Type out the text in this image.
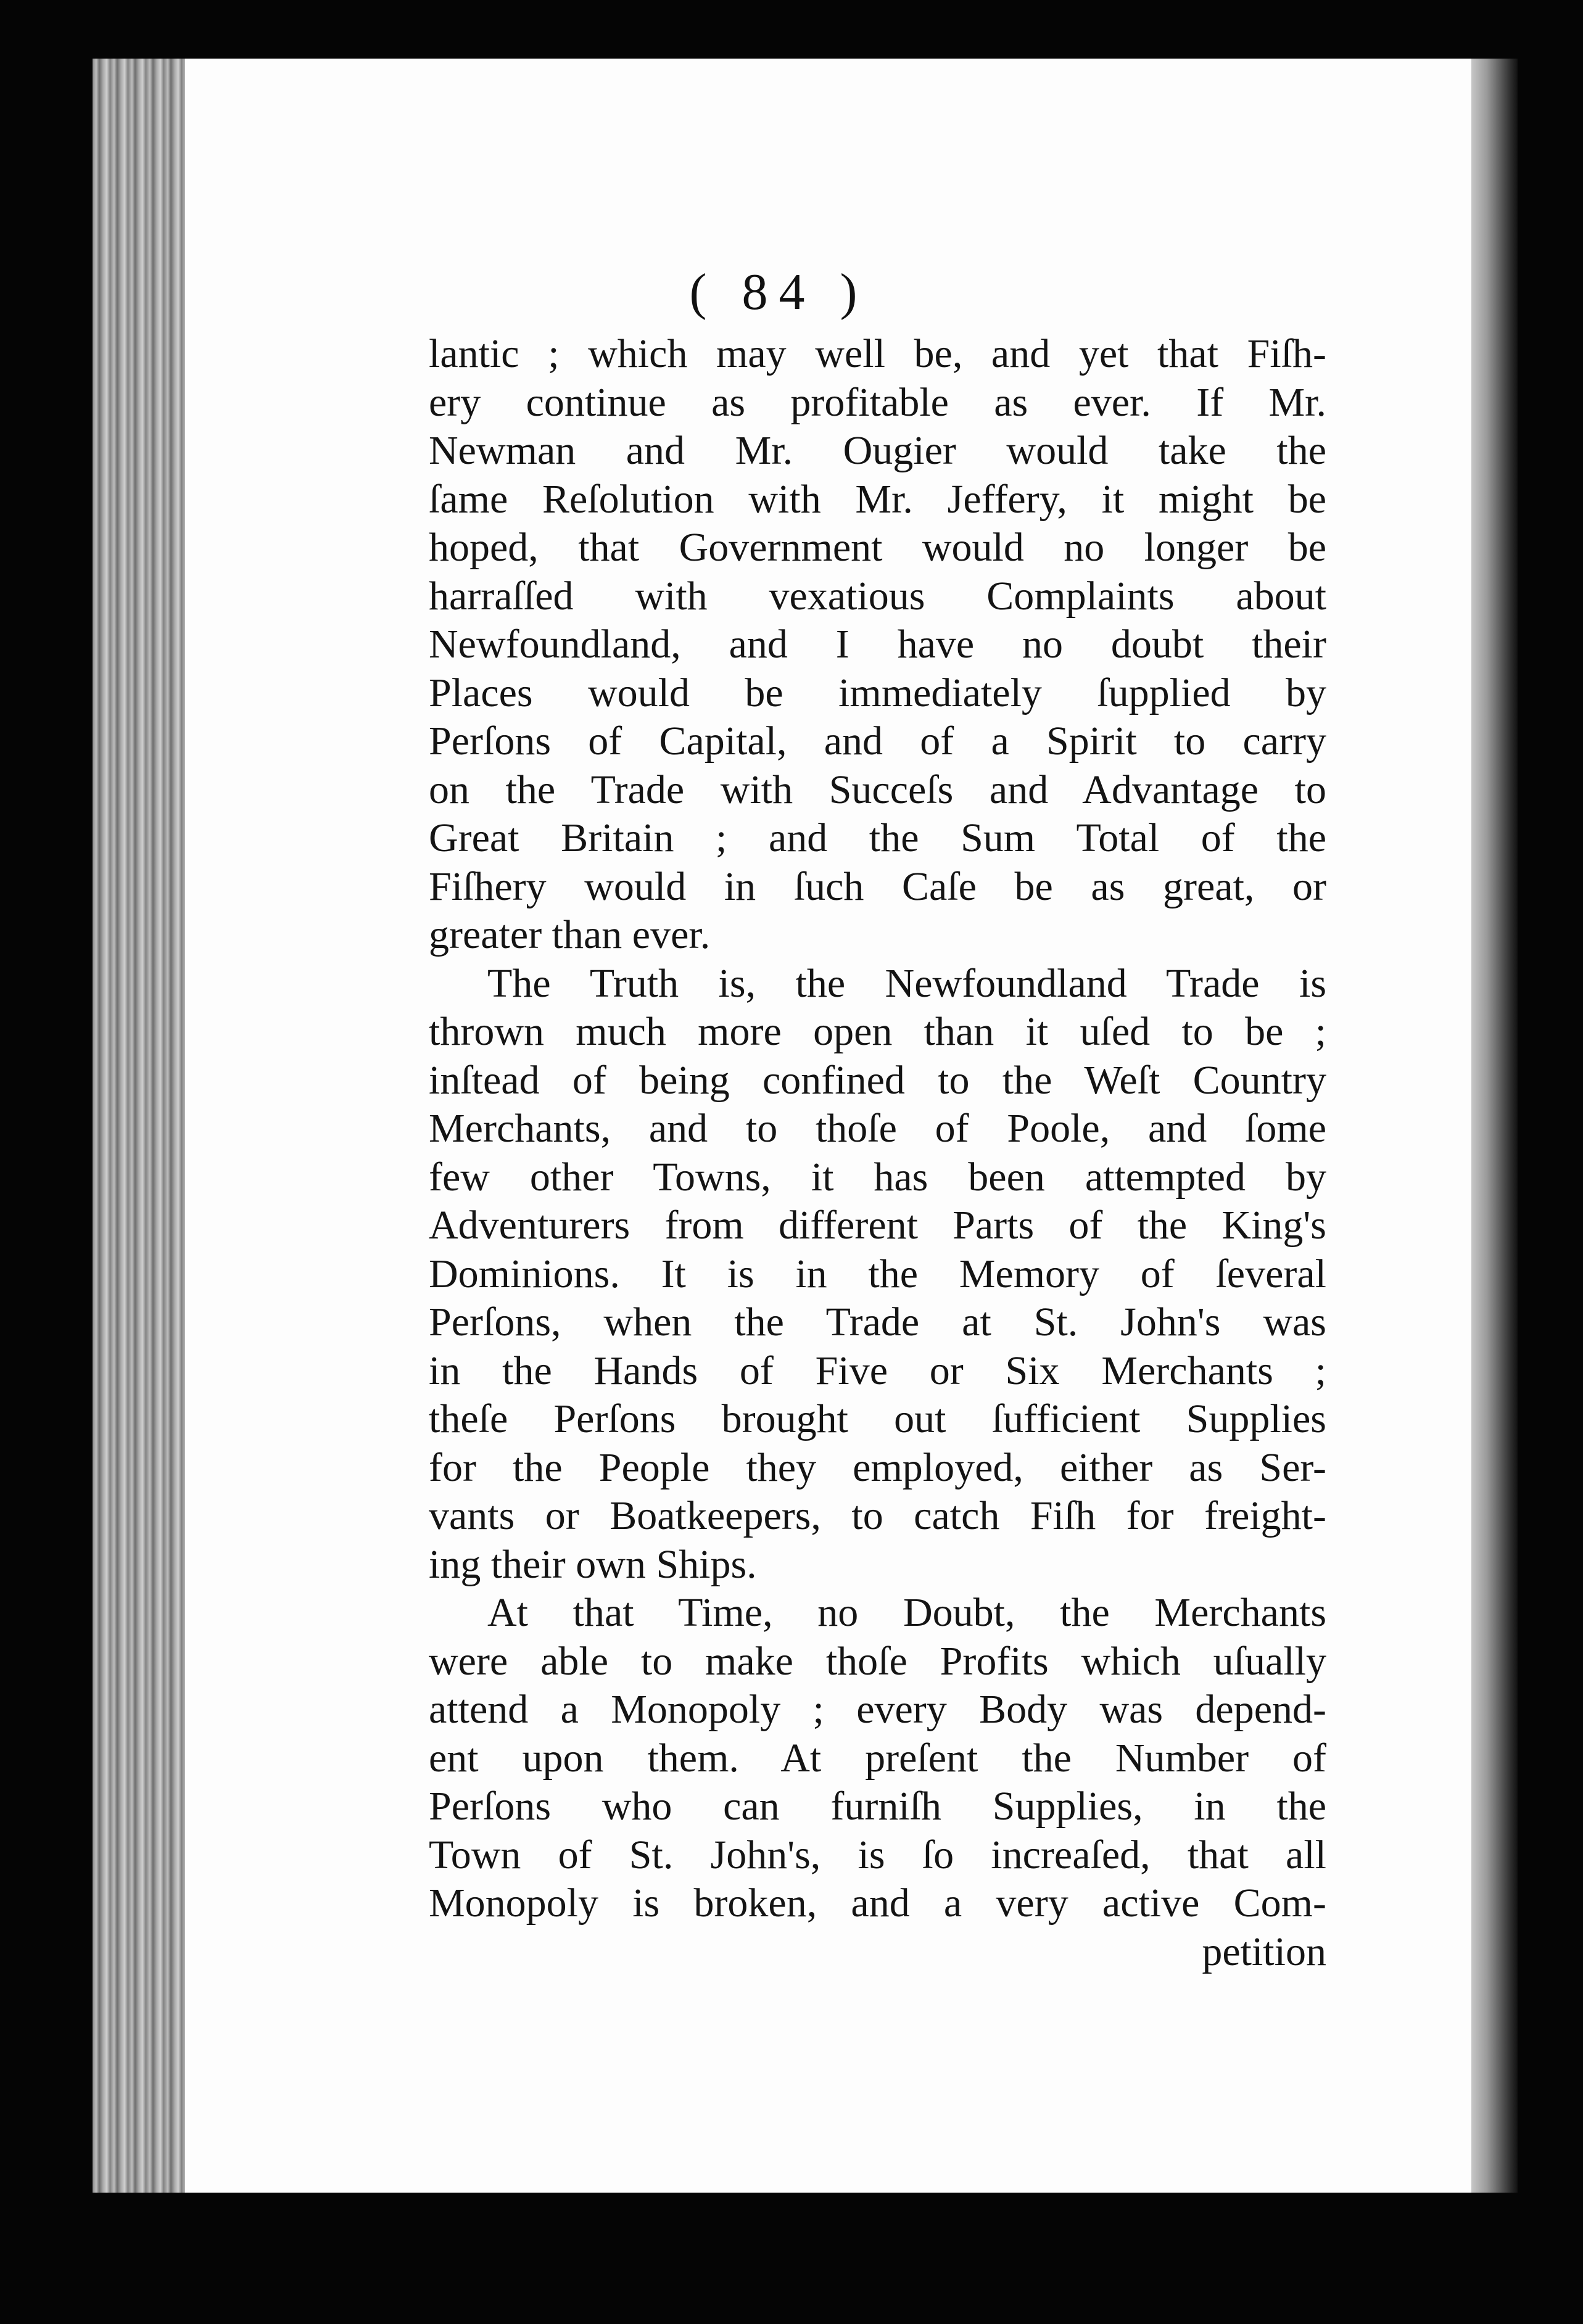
( 84 )
lantic ; which may well be, and yet that Fiſh-
ery continue as profitable as ever. If Mr.
Newman and Mr. Ougier would take the
ſame Reſolution with Mr. Jeffery, it might be
hoped, that Government would no longer be
harraſſed with vexatious Complaints about
Newfoundland, and I have no doubt their
Places would be immediately ſupplied by
Perſons of Capital, and of a Spirit to carry
on the Trade with Succeſs and Advantage to
Great Britain ; and the Sum Total of the
Fiſhery would in ſuch Caſe be as great, or
greater than ever.
The Truth is, the Newfoundland Trade is
thrown much more open than it uſed to be ;
inſtead of being confined to the Weſt Country
Merchants, and to thoſe of Poole, and ſome
few other Towns, it has been attempted by
Adventurers from different Parts of the King's
Dominions. It is in the Memory of ſeveral
Perſons, when the Trade at St. John's was
in the Hands of Five or Six Merchants ;
theſe Perſons brought out ſufficient Supplies
for the People they employed, either as Ser-
vants or Boatkeepers, to catch Fiſh for freight-
ing their own Ships.
At that Time, no Doubt, the Merchants
were able to make thoſe Profits which uſually
attend a Monopoly ; every Body was depend-
ent upon them. At preſent the Number of
Perſons who can furniſh Supplies, in the
Town of St. John's, is ſo increaſed, that all
Monopoly is broken, and a very active Com-
petition
